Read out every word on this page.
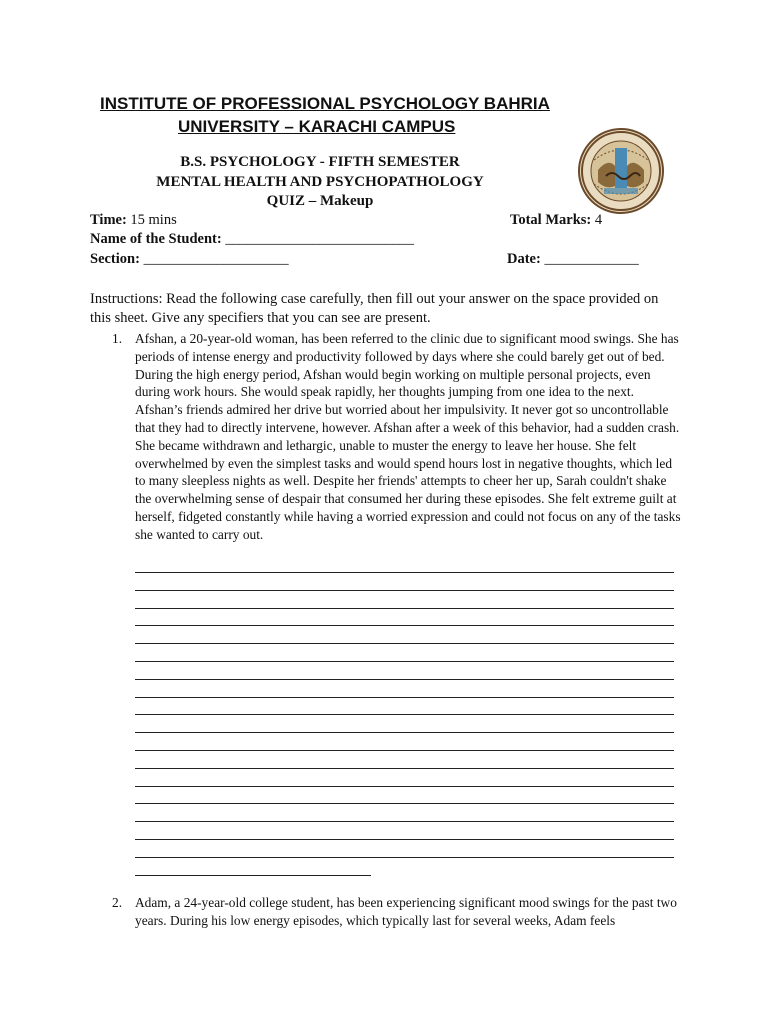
INSTITUTE OF PROFESSIONAL PSYCHOLOGY BAHRIA
UNIVERSITY – KARACHI CAMPUS
B.S. PSYCHOLOGY - FIFTH SEMESTER
MENTAL HEALTH AND PSYCHOPATHOLOGY
QUIZ – Makeup
Time: 15 mins	Total Marks: 4
Name of the Student: __________________________
Section: ____________________	Date: _____________
Instructions: Read the following case carefully, then fill out your answer on the space provided on this sheet. Give any specifiers that you can see are present.
1. Afshan, a 20-year-old woman, has been referred to the clinic due to significant mood swings. She has periods of intense energy and productivity followed by days where she could barely get out of bed. During the high energy period, Afshan would begin working on multiple personal projects, even during work hours. She would speak rapidly, her thoughts jumping from one idea to the next. Afshan’s friends admired her drive but worried about her impulsivity. It never got so uncontrollable that they had to directly intervene, however. Afshan after a week of this behavior, had a sudden crash. She became withdrawn and lethargic, unable to muster the energy to leave her house. She felt overwhelmed by even the simplest tasks and would spend hours lost in negative thoughts, which led to many sleepless nights as well. Despite her friends' attempts to cheer her up, Sarah couldn't shake the overwhelming sense of despair that consumed her during these episodes. She felt extreme guilt at herself, fidgeted constantly while having a worried expression and could not focus on any of the tasks she wanted to carry out.
2. Adam, a 24-year-old college student, has been experiencing significant mood swings for the past two years. During his low energy episodes, which typically last for several weeks, Adam feels
